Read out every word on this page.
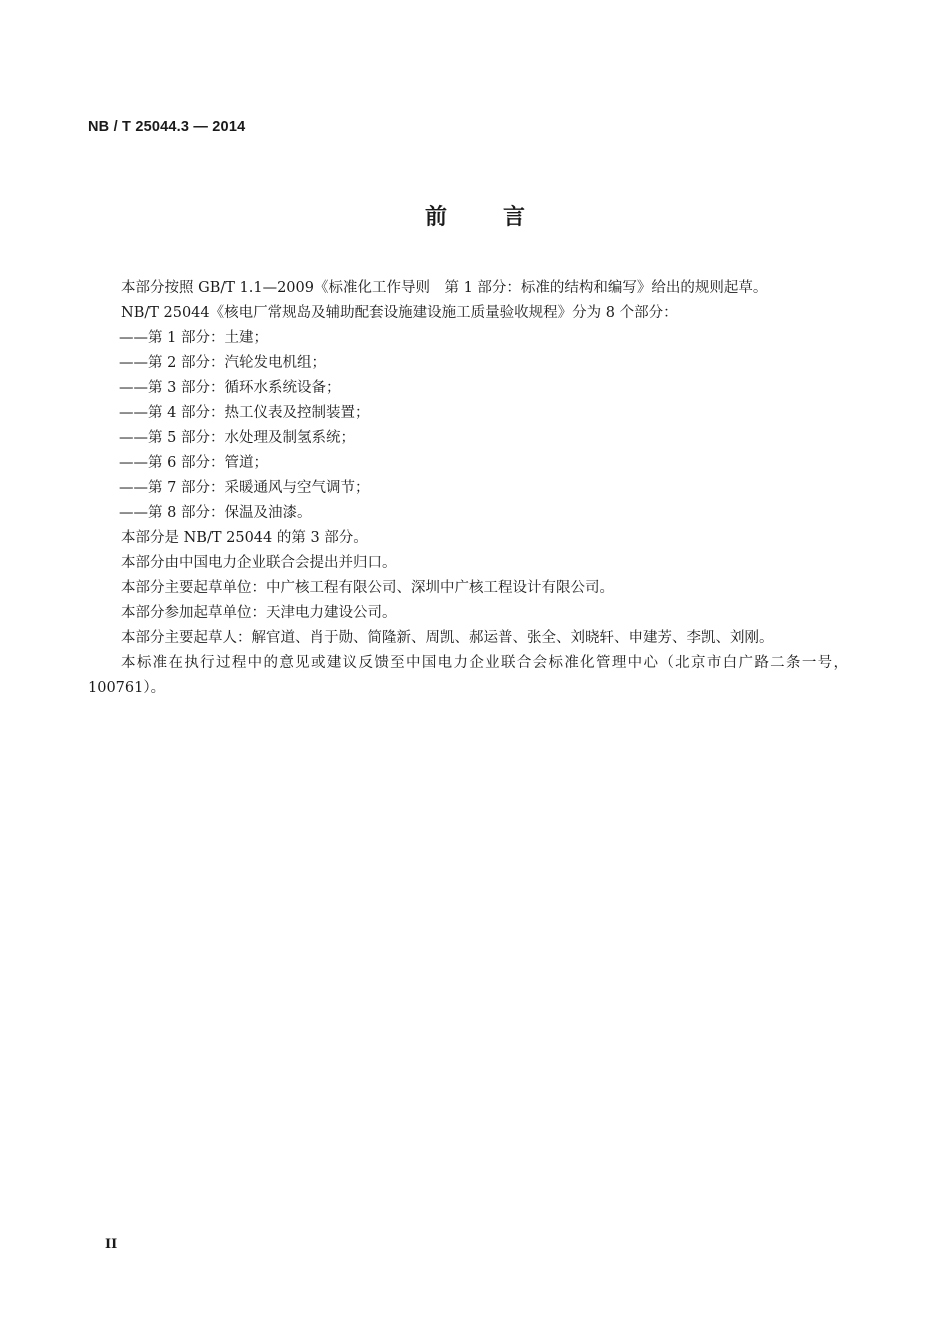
NB / T 25044.3 — 2014
前	言

本部分按照 GB/T 1.1—2009《标准化工作导则　第 1 部分：标准的结构和编写》给出的规则起草。

NB/T 25044《核电厂常规岛及辅助配套设施建设施工质量验收规程》分为 8 个部分：

——第 1 部分：土建；

——第 2 部分：汽轮发电机组；

——第 3 部分：循环水系统设备；

——第 4 部分：热工仪表及控制装置；

——第 5 部分：水处理及制氢系统；

——第 6 部分：管道；

——第 7 部分：采暖通风与空气调节；

——第 8 部分：保温及油漆。

本部分是 NB/T 25044 的第 3 部分。

本部分由中国电力企业联合会提出并归口。

本部分主要起草单位：中广核工程有限公司、深圳中广核工程设计有限公司。

本部分参加起草单位：天津电力建设公司。

本部分主要起草人：解官道、肖于勋、简隆新、周凯、郝运普、张全、刘晓轩、申建芳、李凯、刘刚。

本标准在执行过程中的意见或建议反馈至中国电力企业联合会标准化管理中心（北京市白广路二条一号，100761）。

II
